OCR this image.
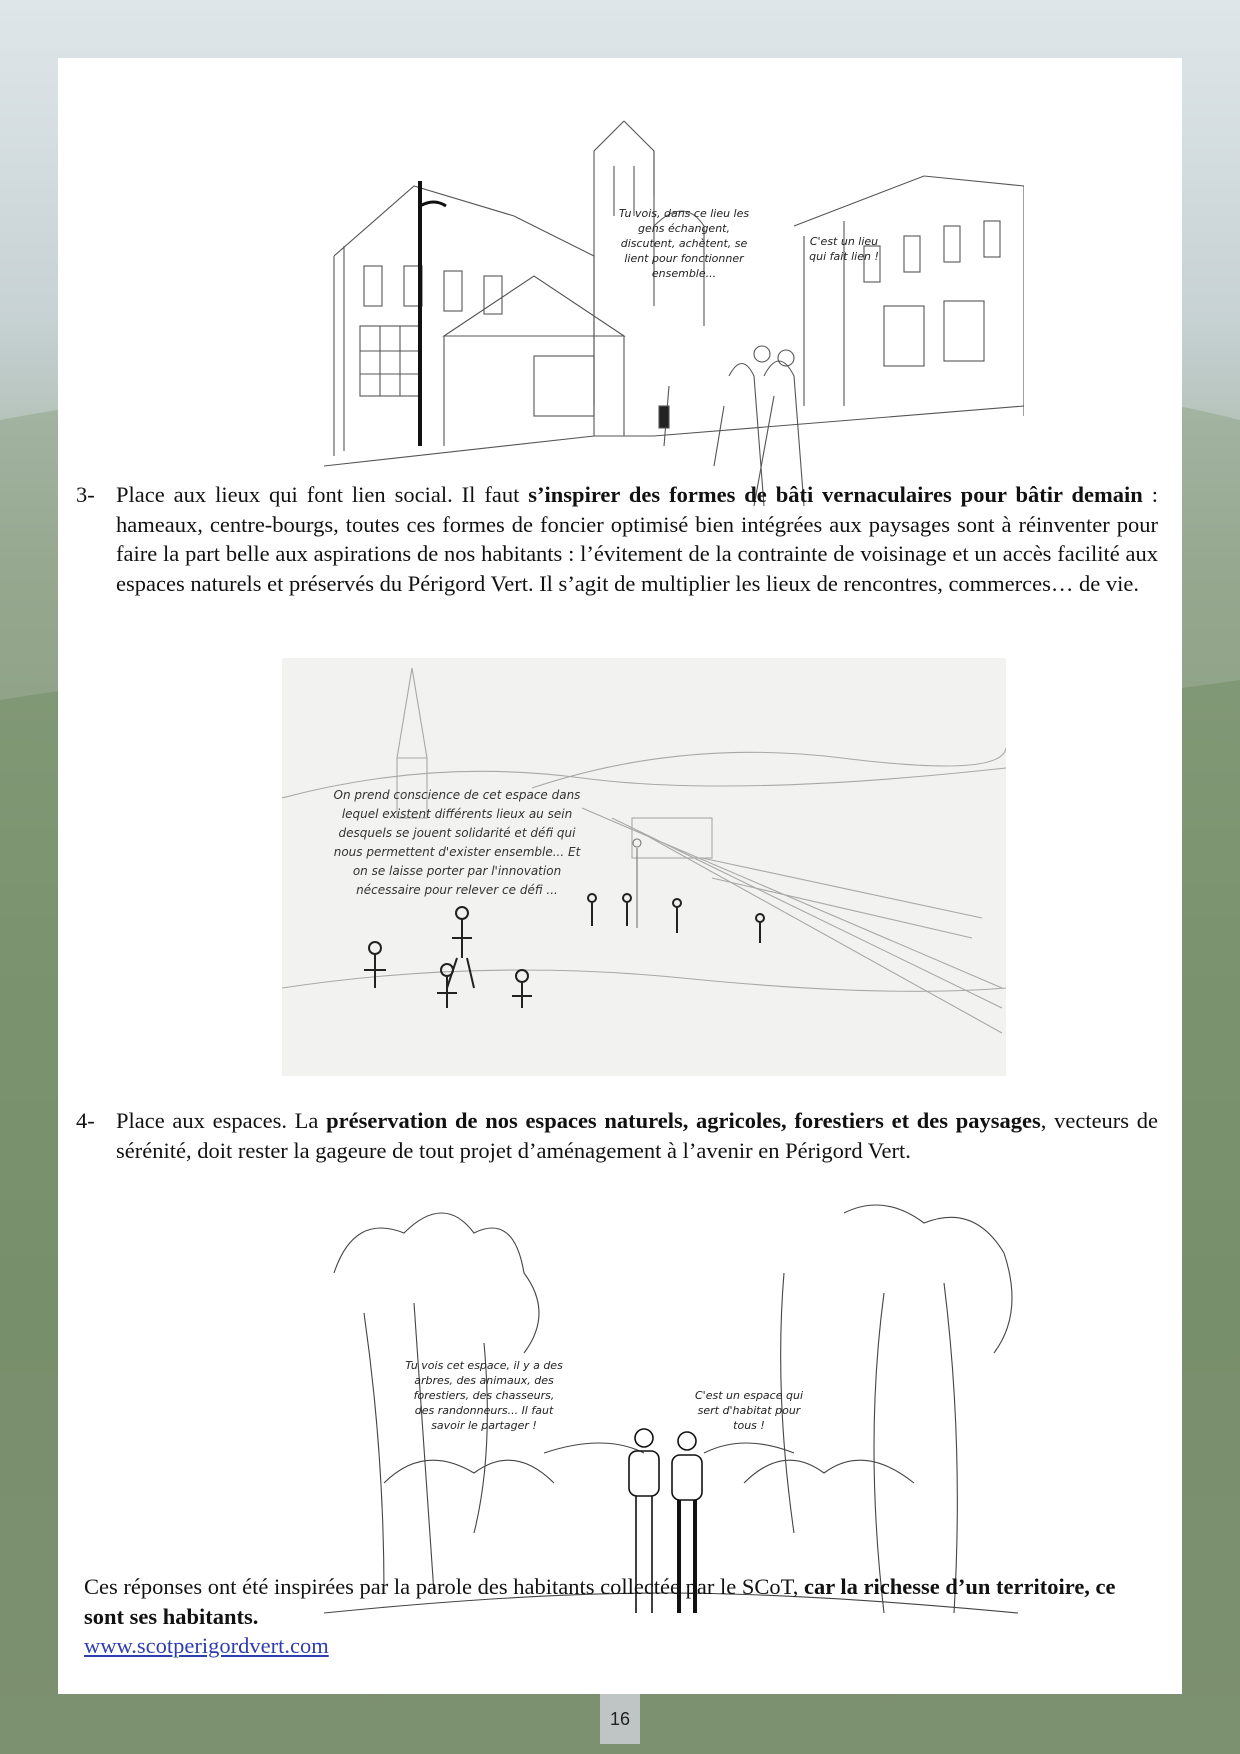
Tu vois, dans ce lieu les gens échangent, discutent, achètent, se lient pour fonctionner ensemble...
C'est un lieu qui fait lien !
3- Place aux lieux qui font lien social. Il faut s’inspirer des formes de bâti vernaculaires pour bâtir demain : hameaux, centre-bourgs, toutes ces formes de foncier optimisé bien intégrées aux paysages sont à réinventer pour faire la part belle aux aspirations de nos habitants : l’évitement de la contrainte de voisinage et un accès facilité aux espaces naturels et préservés du Périgord Vert. Il s’agit de multiplier les lieux de rencontres, commerces… de vie.
On prend conscience de cet espace dans lequel existent différents lieux au sein desquels se jouent solidarité et défi qui nous permettent d'exister ensemble... Et on se laisse porter par l'innovation nécessaire pour relever ce défi ...
4- Place aux espaces. La préservation de nos espaces naturels, agricoles, forestiers et des paysages, vecteurs de sérénité, doit rester la gageure de tout projet d’aménagement à l’avenir en Périgord Vert.
Tu vois cet espace, il y a des arbres, des animaux, des forestiers, des chasseurs, des randonneurs... Il faut savoir le partager !
C'est un espace qui sert d'habitat pour tous !
Ces réponses ont été inspirées par la parole des habitants collectée par le SCoT, car la richesse d’un territoire, ce sont ses habitants.
www.scotperigordvert.com
16
